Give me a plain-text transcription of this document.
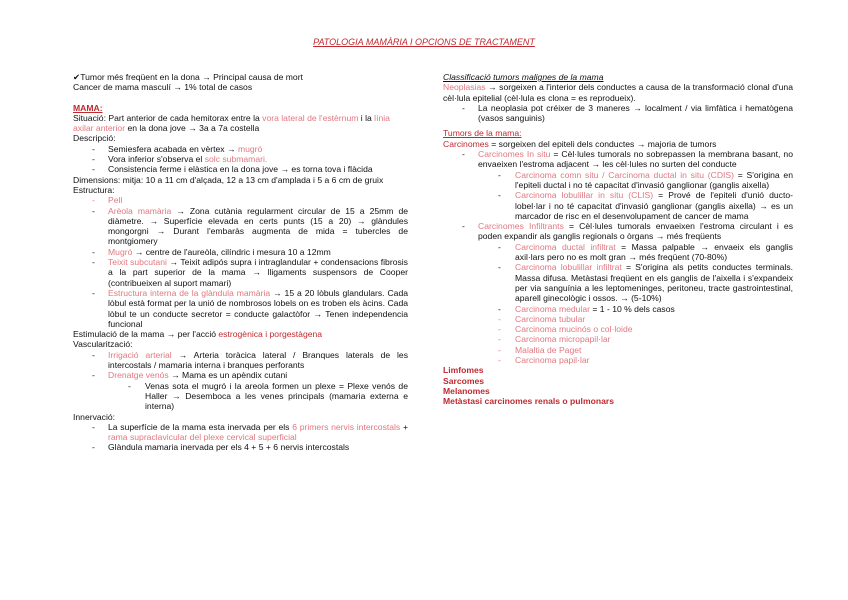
PATOLOGIA MAMÀRIA I OPCIONS DE TRACTAMENT

✔Tumor més freqüent en la dona → Principal causa de mort

Cancer de mama masculí → 1% total de casos

MAMA:

Situació: Part anterior de cada hemitorax entre la vora lateral de l'estèrnum i la línia axilar anterior en la dona jove → 3a a 7a costella

Descripció:

- Semiesfera acabada en vèrtex → mugró
- Vora inferior s'observa el solc submamari.
- Consistencia ferme i elàstica en la dona jove → es torna tova i flàcida

Dimensions: mitja: 10 a 11 cm d'alçada, 12 a 13 cm d'amplada i 5 a 6 cm de gruix

Estructura:

- Pell
- Arèola mamària → Zona cutània regularment circular de 15 a 25mm de diàmetre. → Superfície elevada en certs punts (15 a 20) → glàndules mongorgni → Durant l'embaràs augmenta de mida = tubercles de montgiomery
- Mugró → centre de l'aureòla, cilíndric i mesura 10 a 12mm
- Teixit subcutani → Teixit adipós supra i intraglandular + condensacions fibrosis a la part superior de la mama → lligaments suspensors de Cooper (contribueixen al suport mamari)
- Estructura interna de la glàndula mamària → 15 a 20 lòbuls glandulars. Cada lòbul està format per la unió de nombrosos lobels on es troben els àcins. Cada lòbul te un conducte secretor = conducte galactòfor → Tenen independencia funcional

Estimulació de la mama → per l'acció estrogènica i porgestàgena

Vascularització:

- Irrigació arterial → Arteria toràcica lateral / Branques laterals de les intercostals / mamaria interna i branques perforants
- Drenatge venós → Mama es un apèndix cutani
- Venas sota el mugró i la areola formen un plexe = Plexe venós de Haller → Desemboca a les venes principals (mamaria externa e interna)

Innervació:

- La superfície de la mama esta inervada per els 6 primers nervis intercostals + rama supraclavicular del plexe cervical superficial
- Glàndula mamaria inervada per els 4 + 5 + 6 nervis intercostals

Classificació tumors malignes de la mama

Neoplasias → sorgeixen a l'interior dels conductes a causa de la transformació clonal d'una cèl·lula epitelial (cèl·lula es clona = es reprodueix).

- La neoplasia pot créixer de 3 maneres → localment / via limfàtica i hematògena (vasos sanguinis)

Tumors de la mama:

Carcinomes = sorgeixen del epiteli dels conductes → majoria de tumors

- Carcinomes In situ = Cèl·lules tumorals no sobrepassen la membrana basant, no envaeixen l'estroma adjacent → les cèl·lules no surten del conducte
- Carcinoma comn situ / Carcinoma ductal in situ (CDIS) = S'origina en l'epiteli ductal i no té capacitat d'invasió ganglionar (ganglis aixella)
- Carcinoma lobulillar in situ (CLIS) = Prové de l'epiteli d'unió ducto-lobel·lar i no té capacitat d'invasió ganglionar (ganglis aixella) → es un marcador de risc en el desenvolupament de cancer de mama
- Carcinomes Infiltrants = Cèl·lules tumorals envaeixen l'estroma circulant i es poden expandir als ganglis regionals o òrgans → més freqüents
- Carcinoma ductal infiltrat = Massa palpable → envaeix els ganglis axil·lars pero no es molt gran → més freqüent (70-80%)
- Carcinoma lobulillar infiltrat = S'origina als petits conductes terminals. Massa difusa. Metàstasi freqüent en els ganglis de l'aixella i s'expandeix per via sanguínia a les leptomeninges, peritoneu, tracte gastrointestinal, aparell ginecològic i ossos. → (5-10%)
- Carcinoma medular = 1 - 10 % dels casos
- Carcinoma tubular
- Carcinoma mucinós o col·loide
- Carcinoma micropapil·lar
- Malaltia de Paget
- Carcinoma papil·lar

Limfomes

Sarcomes

Melanomes

Metàstasi carcinomes renals o pulmonars
